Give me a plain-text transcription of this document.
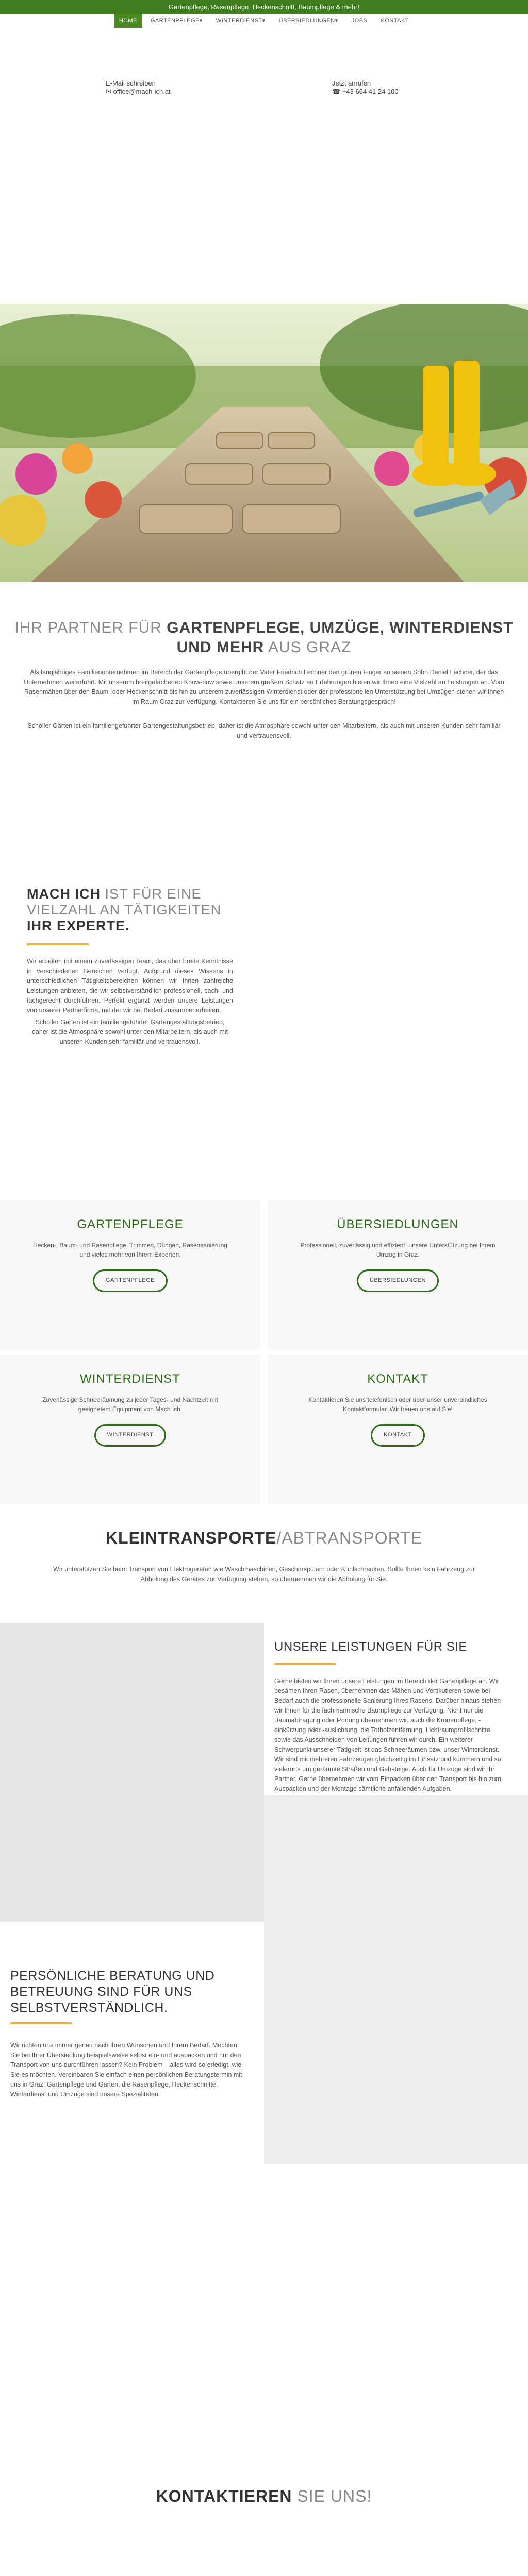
Gartenpflege, Rasenpflege, Heckenschnitt, Baumpflege & mehr!
HOME	GARTENPFLEGE▾	WINTERDIENST▾	ÜBERSIEDLUNGEN▾	JOBS	KONTAKT
E-Mail schreiben
✉ office@mach-ich.at
Jetzt anrufen
☎ +43 664 41 24 100
IHR PARTNER FÜR GARTENPFLEGE, UMZÜGE, WINTERDIENST UND MEHR AUS GRAZ

Als langjähriges Familienunternehmen im Bereich der Gartenpflege übergibt der Vater Friedrich Lechner den grünen Finger an seinen Sohn Daniel Lechner, der das Unternehmen weiterführt. Mit unserem breitgefächerten Know-how sowie unserem großem Schatz an Erfahrungen bieten wir Ihnen eine Vielzahl an Leistungen an. Vom Rasenmähen über den Baum- oder Heckenschnitt bis hin zu unserem zuverlässigen Winterdienst oder der professionellen Unterstützung bei Umzügen stehen wir Ihnen im Raum Graz zur Verfügung. Kontaktieren Sie uns für ein persönliches Beratungsgespräch!

Schöller Gärten ist ein familiengeführter Gartengestaltungsbetrieb, daher ist die Atmosphäre sowohl unter den Mitarbeitern, als auch mit unseren Kunden sehr familiär und vertrauensvoll.

MACH ICH IST FÜR EINE VIELZAHL AN TÄTIGKEITEN IHR EXPERTE.

Wir arbeiten mit einem zuverlässigen Team, das über breite Kenntnisse in verschiedenen Bereichen verfügt. Aufgrund dieses Wissens in unterschiedlichen Tätigkeitsbereichen können wir Ihnen zahlreiche Leistungen anbieten, die wir selbstverständlich professionell, sach- und fachgerecht durchführen. Perfekt ergänzt werden unsere Leistungen von unserer Partnerfirma, mit der wir bei Bedarf zusammenarbeiten.

Schöller Gärten ist ein familiengeführter Gartengestaltungsbetrieb, daher ist die Atmosphäre sowohl unter den Mitarbeitern, als auch mit unseren Kunden sehr familiär und vertrauensvoll.

GARTENPFLEGE

Hecken-, Baum- und Rasenpflege, Trimmen, Düngen, Rasensanierung und vieles mehr von Ihrem Experten.

GARTENPFLEGE
ÜBERSIEDLUNGEN

Professionell, zuverlässig und effizient: unsere Unterstützung bei Ihrem Umzug in Graz.

ÜBERSIEDLUNGEN
WINTERDIENST

Zuverlässige Schneeräumung zu jeder Tages- und Nachtzeit mit geeignetem Equipment von Mach Ich.

WINTERDIENST
KONTAKT

Kontaktieren Sie uns telefonisch oder über unser unverbindliches Kontaktformular. Wir freuen uns auf Sie!

KONTAKT
KLEINTRANSPORTE/ABTRANSPORTE

Wir unterstützen Sie beim Transport von Elektrogeräten wie Waschmaschinen, Geschirrspülern oder Kühlschränken. Sollte Ihnen kein Fahrzeug zur Abholung des Gerätes zur Verfügung stehen, so übernehmen wir die Abholung für Sie.

UNSERE LEISTUNGEN FÜR SIE

Gerne bieten wir Ihnen unsere Leistungen im Bereich der Gartenpflege an. Wir besämen Ihren Rasen, übernehmen das Mähen und Vertikutieren sowie bei Bedarf auch die professionelle Sanierung Ihres Rasens. Darüber hinaus stehen wir Ihnen für die fachmännische Baumpflege zur Verfügung. Nicht nur die Baumabtragung oder Rodung übernehmen wir, auch die Kronenpflege, -einkürzung oder -auslichtung, die Totholzentfernung, Lichtraumprofilschnitte sowie das Ausschneiden von Leitungen führen wir durch. Ein weiterer Schwerpunkt unserer Tätigkeit ist das Schneeräumen bzw. unser Winterdienst. Wir sind mit mehreren Fahrzeugen gleichzeitig im Einsatz und kümmern und so vielerorts um geräumte Straßen und Gehsteige. Auch für Umzüge sind wir Ihr Partner. Gerne übernehmen wir vom Einpacken über den Transport bis hin zum Auspacken und der Montage sämtliche anfallenden Aufgaben.

PERSÖNLICHE BERATUNG UND BETREUUNG SIND FÜR UNS SELBSTVERSTÄNDLICH.

Wir richten uns immer genau nach Ihren Wünschen und Ihrem Bedarf. Möchten Sie bei Ihrer Übersiedlung beispielsweise selbst ein- und auspacken und nur den Transport von uns durchführen lassen? Kein Problem – alles wird so erledigt, wie Sie es möchten. Vereinbaren Sie einfach einen persönlichen Beratungstermin mit uns in Graz: Gartenpflege und Gärten, die Rasenpflege, Heckenschnitte, Winterdienst und Umzüge sind unsere Spezialitäten.

KONTAKTIEREN SIE UNS!
